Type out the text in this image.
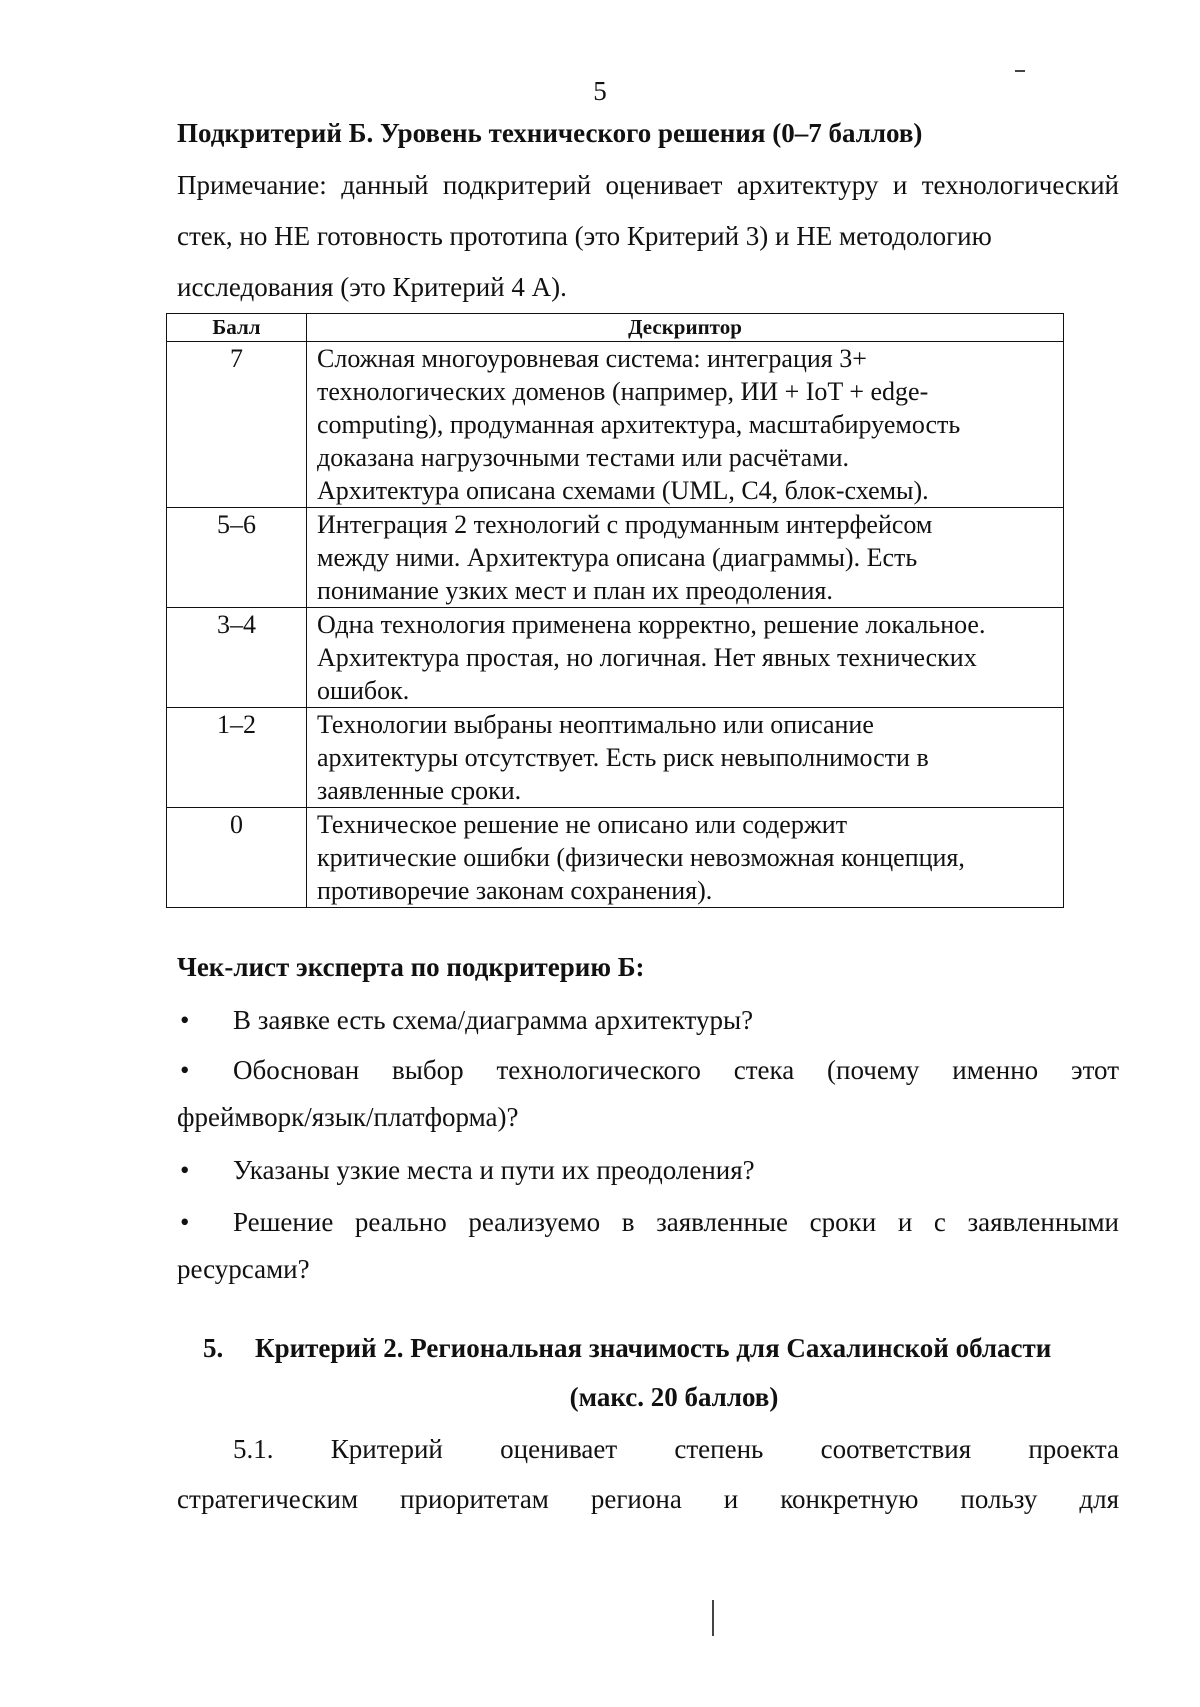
5
Подкритерий Б. Уровень технического решения (0–7 баллов)
Примечание: данный подкритерий оценивает архитектуру и технологический
стек, но НЕ готовность прототипа (это Критерий 3) и НЕ методологию
исследования (это Критерий 4 А).
Балл	Дескриптор
7	Сложная многоуровневая система: интеграция 3+
технологических доменов (например, ИИ + IoT + edge-
computing), продуманная архитектура, масштабируемость
доказана нагрузочными тестами или расчётами.
Архитектура описана схемами (UML, C4, блок-схемы).

5–6	Интеграция 2 технологий с продуманным интерфейсом
между ними. Архитектура описана (диаграммы). Есть
понимание узких мест и план их преодоления.

3–4	Одна технология применена корректно, решение локальное.
Архитектура простая, но логичная. Нет явных технических
ошибок.

1–2	Технологии выбраны неоптимально или описание
архитектуры отсутствует. Есть риск невыполнимости в
заявленные сроки.

0	Техническое решение не описано или содержит
критические ошибки (физически невозможная концепция,
противоречие законам сохранения).
Чек-лист эксперта по подкритерию Б:
• В заявке есть схема/диаграмма архитектуры?
• Обоснован выбор технологического стека (почему именно этот
фреймворк/язык/платформа)?
• Указаны узкие места и пути их преодоления?
• Решение реально реализуемо в заявленные сроки и с заявленными
ресурсами?
5. Критерий 2. Региональная значимость для Сахалинской области
(макс. 20 баллов)
5.1. Критерий оценивает степень соответствия проекта
стратегическим приоритетам региона и конкретную пользу для
